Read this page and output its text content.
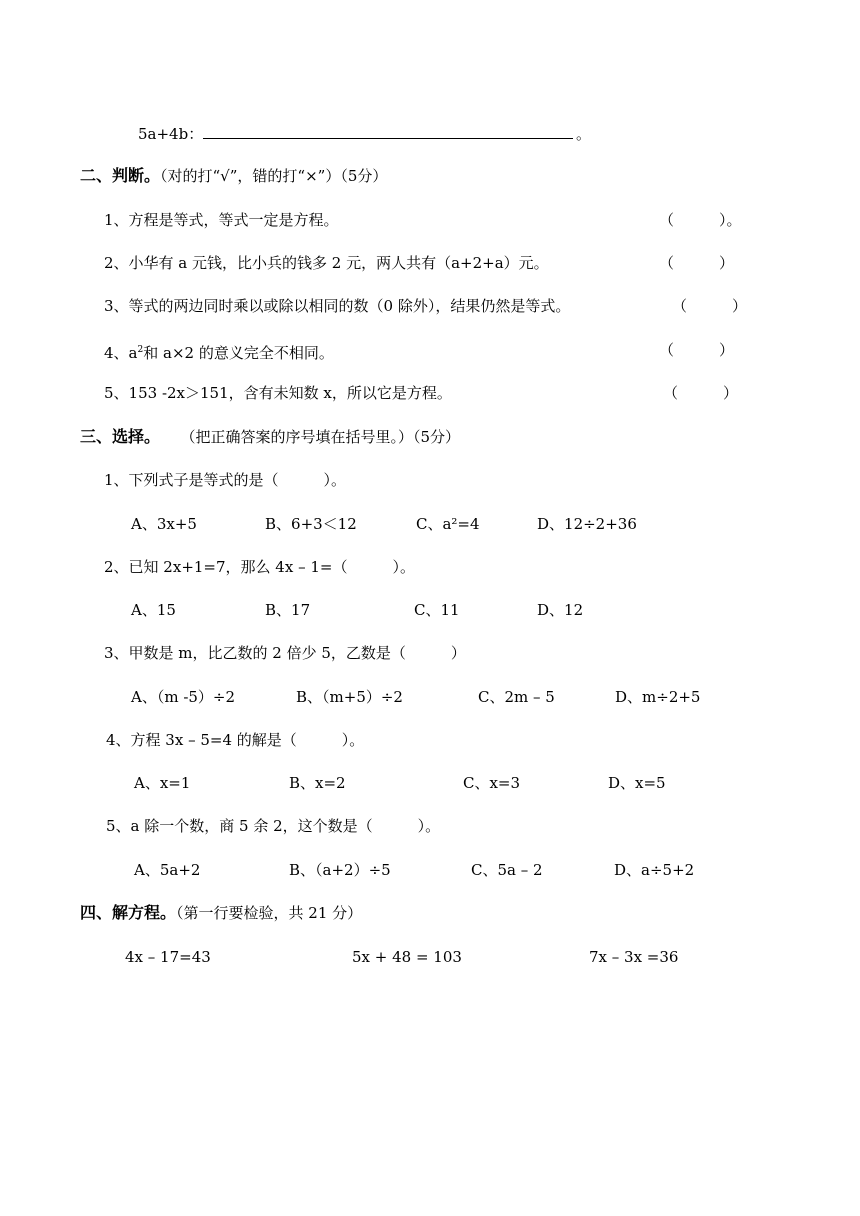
5a+4b：	。
二、判断。（对的打“√”，错的打“×”）（5分）
1、方程是等式，等式一定是方程。	（　　　）。
2、小华有 a 元钱，比小兵的钱多 2 元，两人共有（a+2+a）元。	（　　　）
3、等式的两边同时乘以或除以相同的数（0 除外），结果仍然是等式。	（　　　）
4、$a^2$和 a×2 的意义完全不相同。	（　　　）
5、153 -2x＞151，含有未知数 x，所以它是方程。	（　　　）
三、选择。 （把正确答案的序号填在括号里。）（5分）
1、下列式子是等式的是（　　　）。
A、3x+5	B、6+3＜12	C、a²=4	D、12÷2+36
2、已知 2x+1=7，那么 4x – 1=（　　　）。
A、15	B、17	C、11	D、12
3、甲数是 m，比乙数的 2 倍少 5，乙数是（　　　）
A、（m -5）÷2	B、（m+5）÷2	C、2m – 5	D、m÷2+5
4、方程 3x – 5=4 的解是（　　　）。
A、x=1	B、x=2	C、x=3	D、x=5
5、a 除一个数，商 5 余 2，这个数是（　　　）。
A、5a+2	B、（a+2）÷5	C、5a – 2	D、a÷5+2
四、解方程。（第一行要检验，共 21 分）
4x – 17=43	5x + 48 = 103	7x – 3x =36
